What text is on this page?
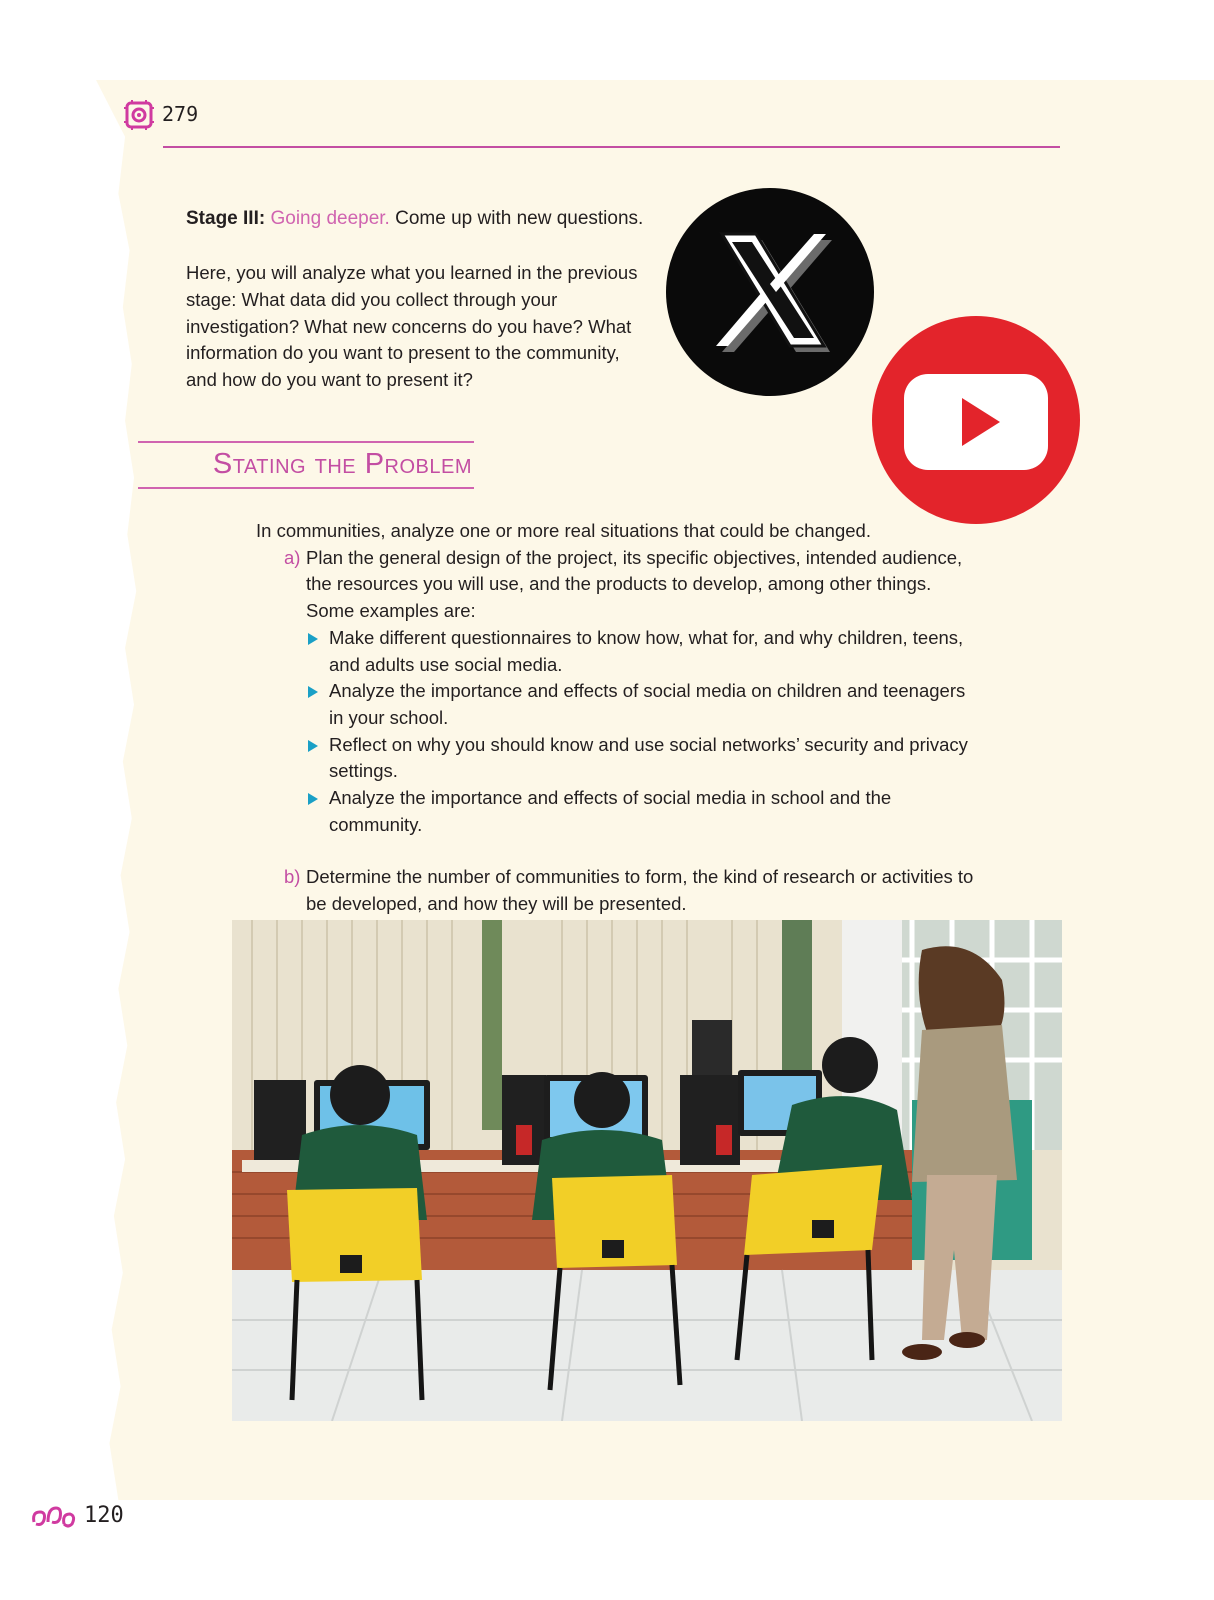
279
Stage III: Going deeper. Come up with new questions.
Here, you will analyze what you learned in the previous stage: What data did you collect through your investigation? What new concerns do you have? What information do you want to present to the community, and how do you want to present it?
Stating the Problem
In communities, analyze one or more real situations that could be changed.
a) Plan the general design of the project, its specific objectives, intended audience, the resources you will use, and the products to develop, among other things. Some examples are:
Make different questionnaires to know how, what for, and why children, teens, and adults use social media.
Analyze the importance and effects of social media on children and teenagers in your school.
Reflect on why you should know and use social networks’ security and privacy settings.
Analyze the importance and effects of social media in school and the community.
b) Determine the number of communities to form, the kind of research or activities to be developed, and how they will be presented.
120
